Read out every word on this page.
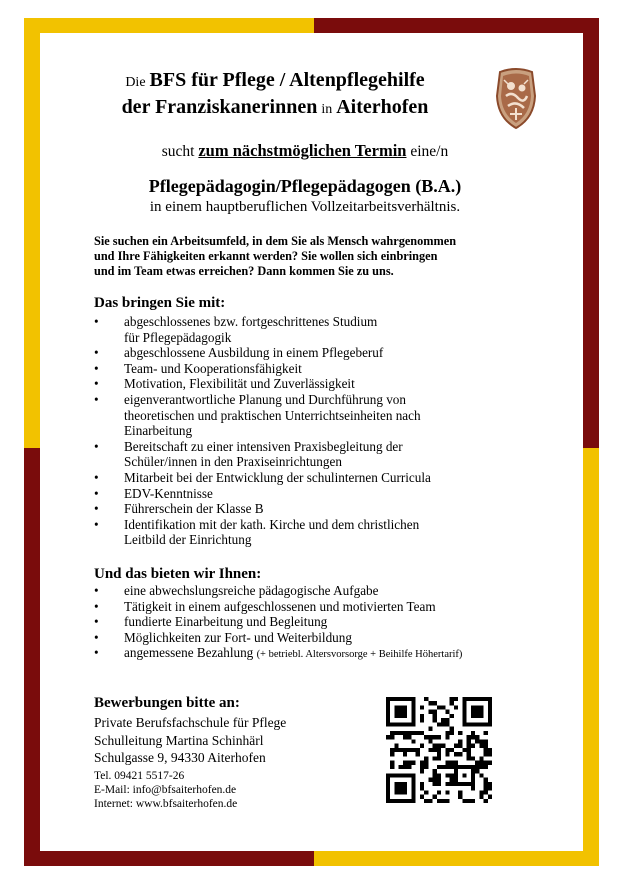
Die BFS für Pflege / Altenpflegehilfe
der Franziskanerinnen in Aiterhofen
sucht zum nächstmöglichen Termin eine/n
Pflegepädagogin/Pflegepädagogen (B.A.)
in einem hauptberuflichen Vollzeitarbeitsverhältnis.
Sie suchen ein Arbeitsumfeld, in dem Sie als Mensch wahrgenommen
und Ihre Fähigkeiten erkannt werden? Sie wollen sich einbringen
und im Team etwas erreichen? Dann kommen Sie zu uns.
Das bringen Sie mit:
• abgeschlossenes bzw. fortgeschrittenes Studium
für Pflegepädagogik
• abgeschlossene Ausbildung in einem Pflegeberuf
• Team- und Kooperationsfähigkeit
• Motivation, Flexibilität und Zuverlässigkeit
• eigenverantwortliche Planung und Durchführung von
theoretischen und praktischen Unterrichtseinheiten nach
Einarbeitung
• Bereitschaft zu einer intensiven Praxisbegleitung der
Schüler/innen in den Praxiseinrichtungen
• Mitarbeit bei der Entwicklung der schulinternen Curricula
• EDV-Kenntnisse
• Führerschein der Klasse B
• Identifikation mit der kath. Kirche und dem christlichen
Leitbild der Einrichtung
Und das bieten wir Ihnen:
• eine abwechslungsreiche pädagogische Aufgabe
• Tätigkeit in einem aufgeschlossenen und motivierten Team
• fundierte Einarbeitung und Begleitung
• Möglichkeiten zur Fort- und Weiterbildung
• angemessene Bezahlung (+ betriebl. Altersvorsorge + Beihilfe Höhertarif)
Bewerbungen bitte an:
Private Berufsfachschule für Pflege
Schulleitung Martina Schinhärl
Schulgasse 9, 94330 Aiterhofen
Tel. 09421 5517-26
E-Mail: info@bfsaiterhofen.de
Internet: www.bfsaiterhofen.de
